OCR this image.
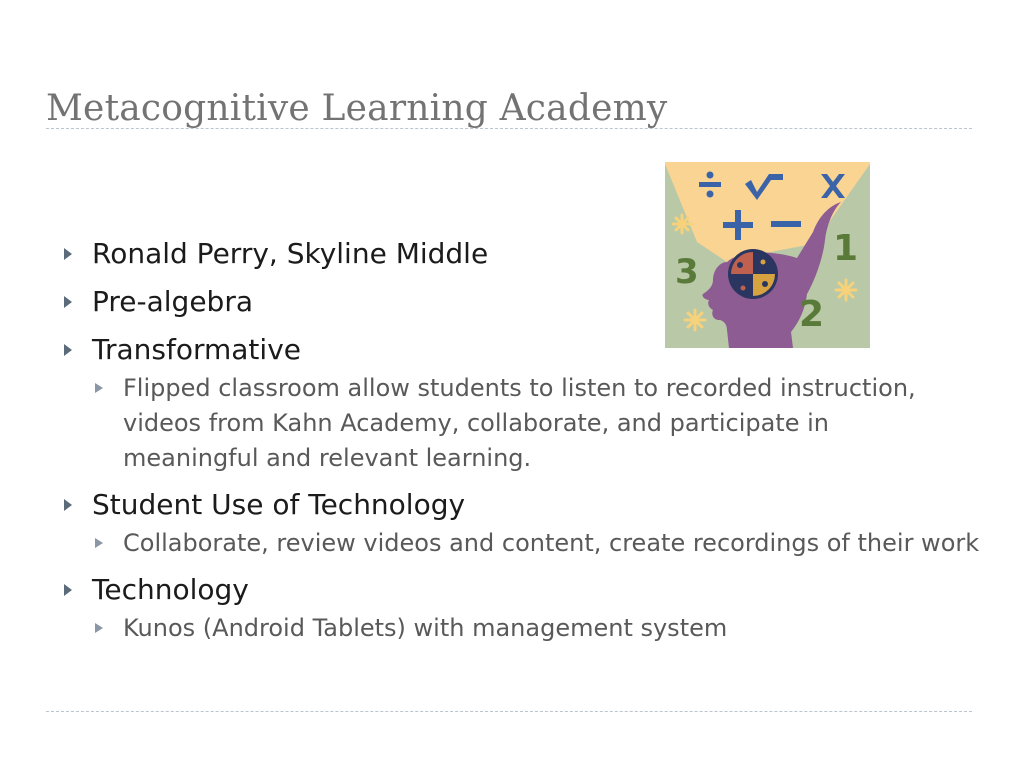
Metacognitive Learning Academy
1
2
3
Ronald Perry, Skyline Middle
Pre-algebra
Transformative
Flipped classroom allow students to listen to recorded instruction, videos from Kahn Academy, collaborate, and participate in meaningful and relevant learning.
Student Use of Technology
Collaborate, review videos and content, create recordings of their work
Technology
Kunos (Android Tablets) with management system
